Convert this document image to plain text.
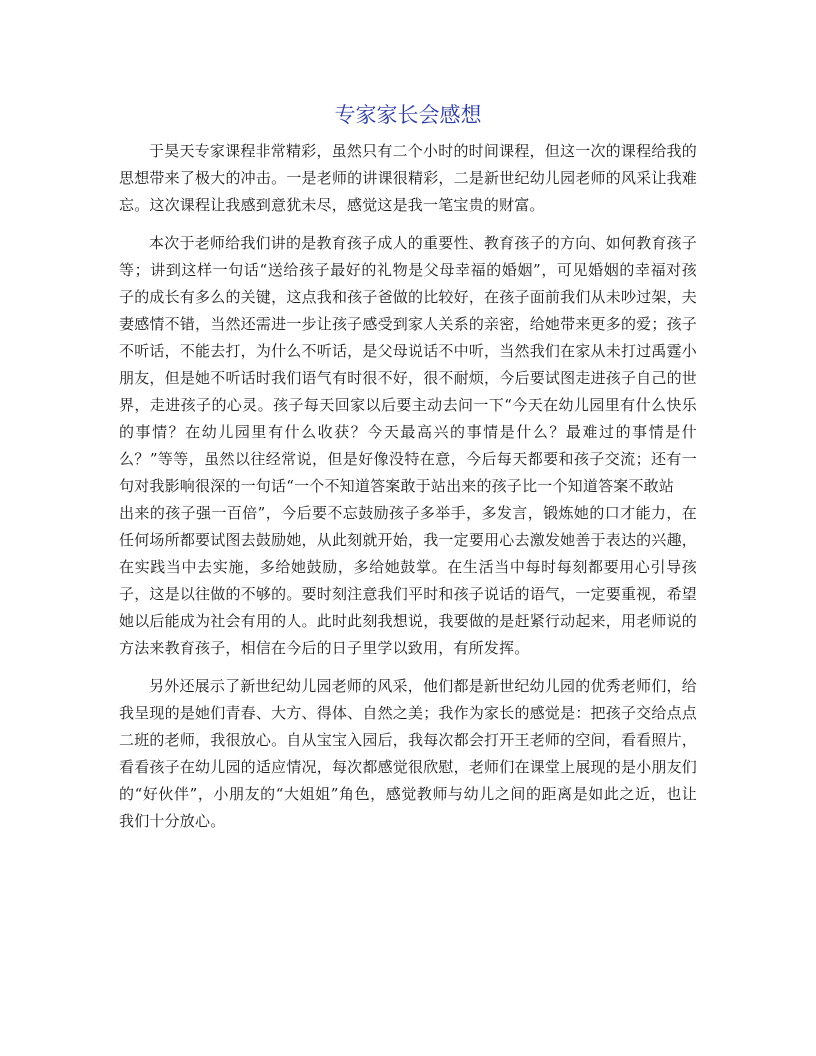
专家家长会感想

于昊天专家课程非常精彩，虽然只有二个小时的时间课程，但这一次的课程给我的思想带来了极大的冲击。一是老师的讲课很精彩，二是新世纪幼儿园老师的风采让我难忘。这次课程让我感到意犹未尽，感觉这是我一笔宝贵的财富。

本次于老师给我们讲的是教育孩子成人的重要性、教育孩子的方向、如何教育孩子等；讲到这样一句话“送给孩子最好的礼物是父母幸福的婚姻”，可见婚姻的幸福对孩子的成长有多么的关键，这点我和孩子爸做的比较好，在孩子面前我们从未吵过架，夫妻感情不错，当然还需进一步让孩子感受到家人关系的亲密，给她带来更多的爱；孩子不听话，不能去打，为什么不听话，是父母说话不中听，当然我们在家从未打过禹霆小朋友，但是她不听话时我们语气有时很不好，很不耐烦，今后要试图走进孩子自己的世界，走进孩子的心灵。孩子每天回家以后要主动去问一下“今天在幼儿园里有什么快乐的事情？在幼儿园里有什么收获？今天最高兴的事情是什么？最难过的事情是什么？”等等，虽然以往经常说，但是好像没特在意，今后每天都要和孩子交流；还有一句对我影响很深的一句话“一个不知道答案敢于站出来的孩子比一个知道答案不敢站

出来的孩子强一百倍”，今后要不忘鼓励孩子多举手，多发言，锻炼她的口才能力，在任何场所都要试图去鼓励她，从此刻就开始，我一定要用心去激发她善于表达的兴趣，在实践当中去实施，多给她鼓励，多给她鼓掌。在生活当中每时每刻都要用心引导孩子，这是以往做的不够的。要时刻注意我们平时和孩子说话的语气，一定要重视，希望她以后能成为社会有用的人。此时此刻我想说，我要做的是赶紧行动起来，用老师说的方法来教育孩子，相信在今后的日子里学以致用，有所发挥。

另外还展示了新世纪幼儿园老师的风采，他们都是新世纪幼儿园的优秀老师们，给我呈现的是她们青春、大方、得体、自然之美；我作为家长的感觉是：把孩子交给点点二班的老师，我很放心。自从宝宝入园后，我每次都会打开王老师的空间，看看照片，看看孩子在幼儿园的适应情况，每次都感觉很欣慰，老师们在课堂上展现的是小朋友们的“好伙伴”，小朋友的“大姐姐”角色，感觉教师与幼儿之间的距离是如此之近，也让我们十分放心。
